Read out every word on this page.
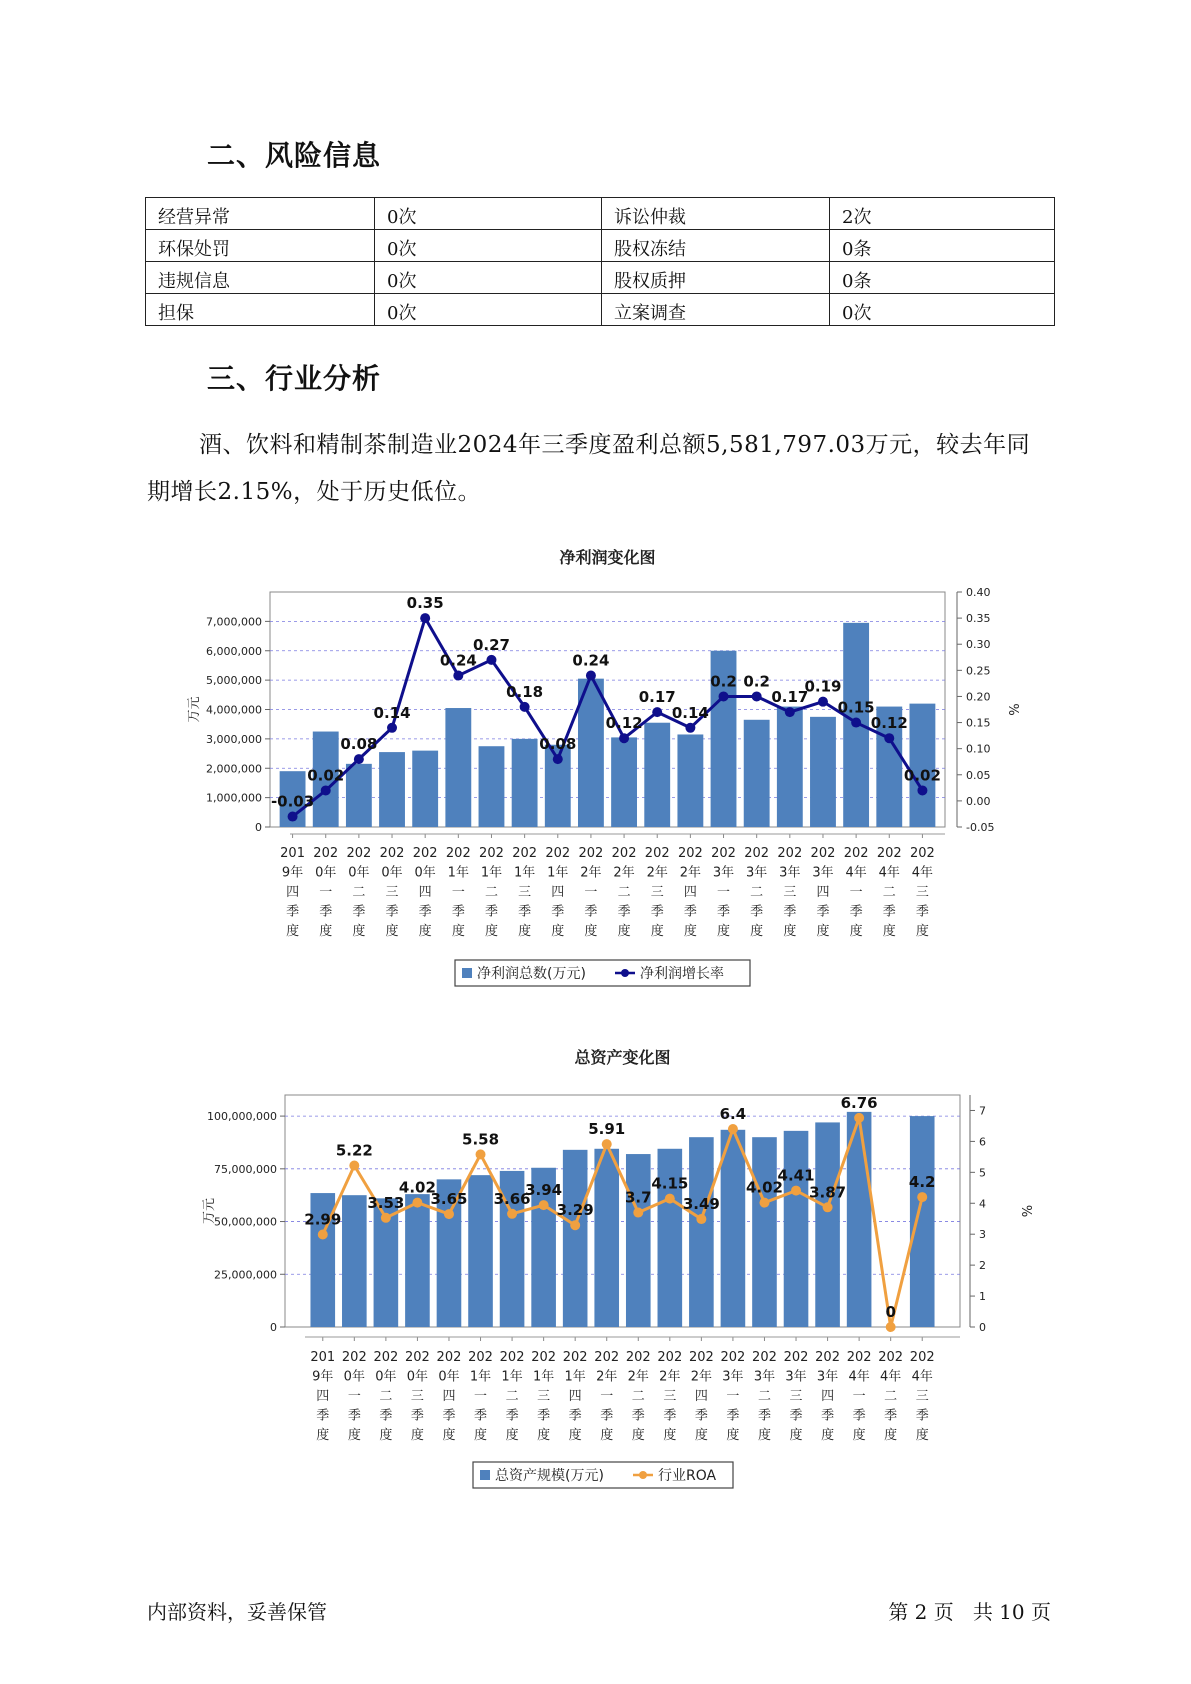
二、风险信息
经营异常	0次	诉讼仲裁	2次
环保处罚	0次	股权冻结	0条
违规信息	0次	股权质押	0条
担保	0次	立案调查	0次
三、行业分析
酒、饮料和精制茶制造业2024年三季度盈利总额5,581,797.03万元，较去年同期增长2.15%，处于历史低位。
净利润变化图
0
1,000,000
2,000,000
3,000,000
4,000,000
5,000,000
6,000,000
7,000,000
-0.05
0.00
0.05
0.10
0.15
0.20
0.25
0.30
0.35
0.40
万元	%
-0.03
0.02
0.08
0.14
0.35
0.24
0.27
0.18
0.08
0.24
0.12
0.17
0.14
0.2 0.2
0.17
0.19
0.15
0.12
0.02
201
9年
四
季
度
202
0年
一
季
度
202
0年
二
季
度
202
0年
三
季
度
202
0年
四
季
度
202
1年
一
季
度
202
1年
二
季
度
202
1年
三
季
度
202
1年
四
季
度
202
2年
一
季
度
202
2年
二
季
度
202
2年
三
季
度
202
2年
四
季
度
202
3年
一
季
度
202
3年
二
季
度
202
3年
三
季
度
202
3年
四
季
度
202
4年
一
季
度
202
4年
二
季
度
202
4年
三
季
度
净利润总数(万元)	净利润增长率
总资产变化图
0
25,000,000
50,000,000
75,000,000
100,000,000
0
1
2
3
4
5
6
7
万元	%
2.99
5.22
3.53
4.02
3.65
5.58
3.66
3.94
3.29
5.91
3.7
4.15
3.49
6.4
4.02
4.41
3.87
6.76
0
4.2
201
9年
四
季
度
202
0年
一
季
度
202
0年
二
季
度
202
0年
三
季
度
202
0年
四
季
度
202
1年
一
季
度
202
1年
二
季
度
202
1年
三
季
度
202
1年
四
季
度
202
2年
一
季
度
202
2年
二
季
度
202
2年
三
季
度
202
2年
四
季
度
202
3年
一
季
度
202
3年
二
季
度
202
3年
三
季
度
202
3年
四
季
度
202
4年
一
季
度
202
4年
二
季
度
202
4年
三
季
度
总资产规模(万元)	行业ROA
内部资料，妥善保管	第 2 页   共 10 页
